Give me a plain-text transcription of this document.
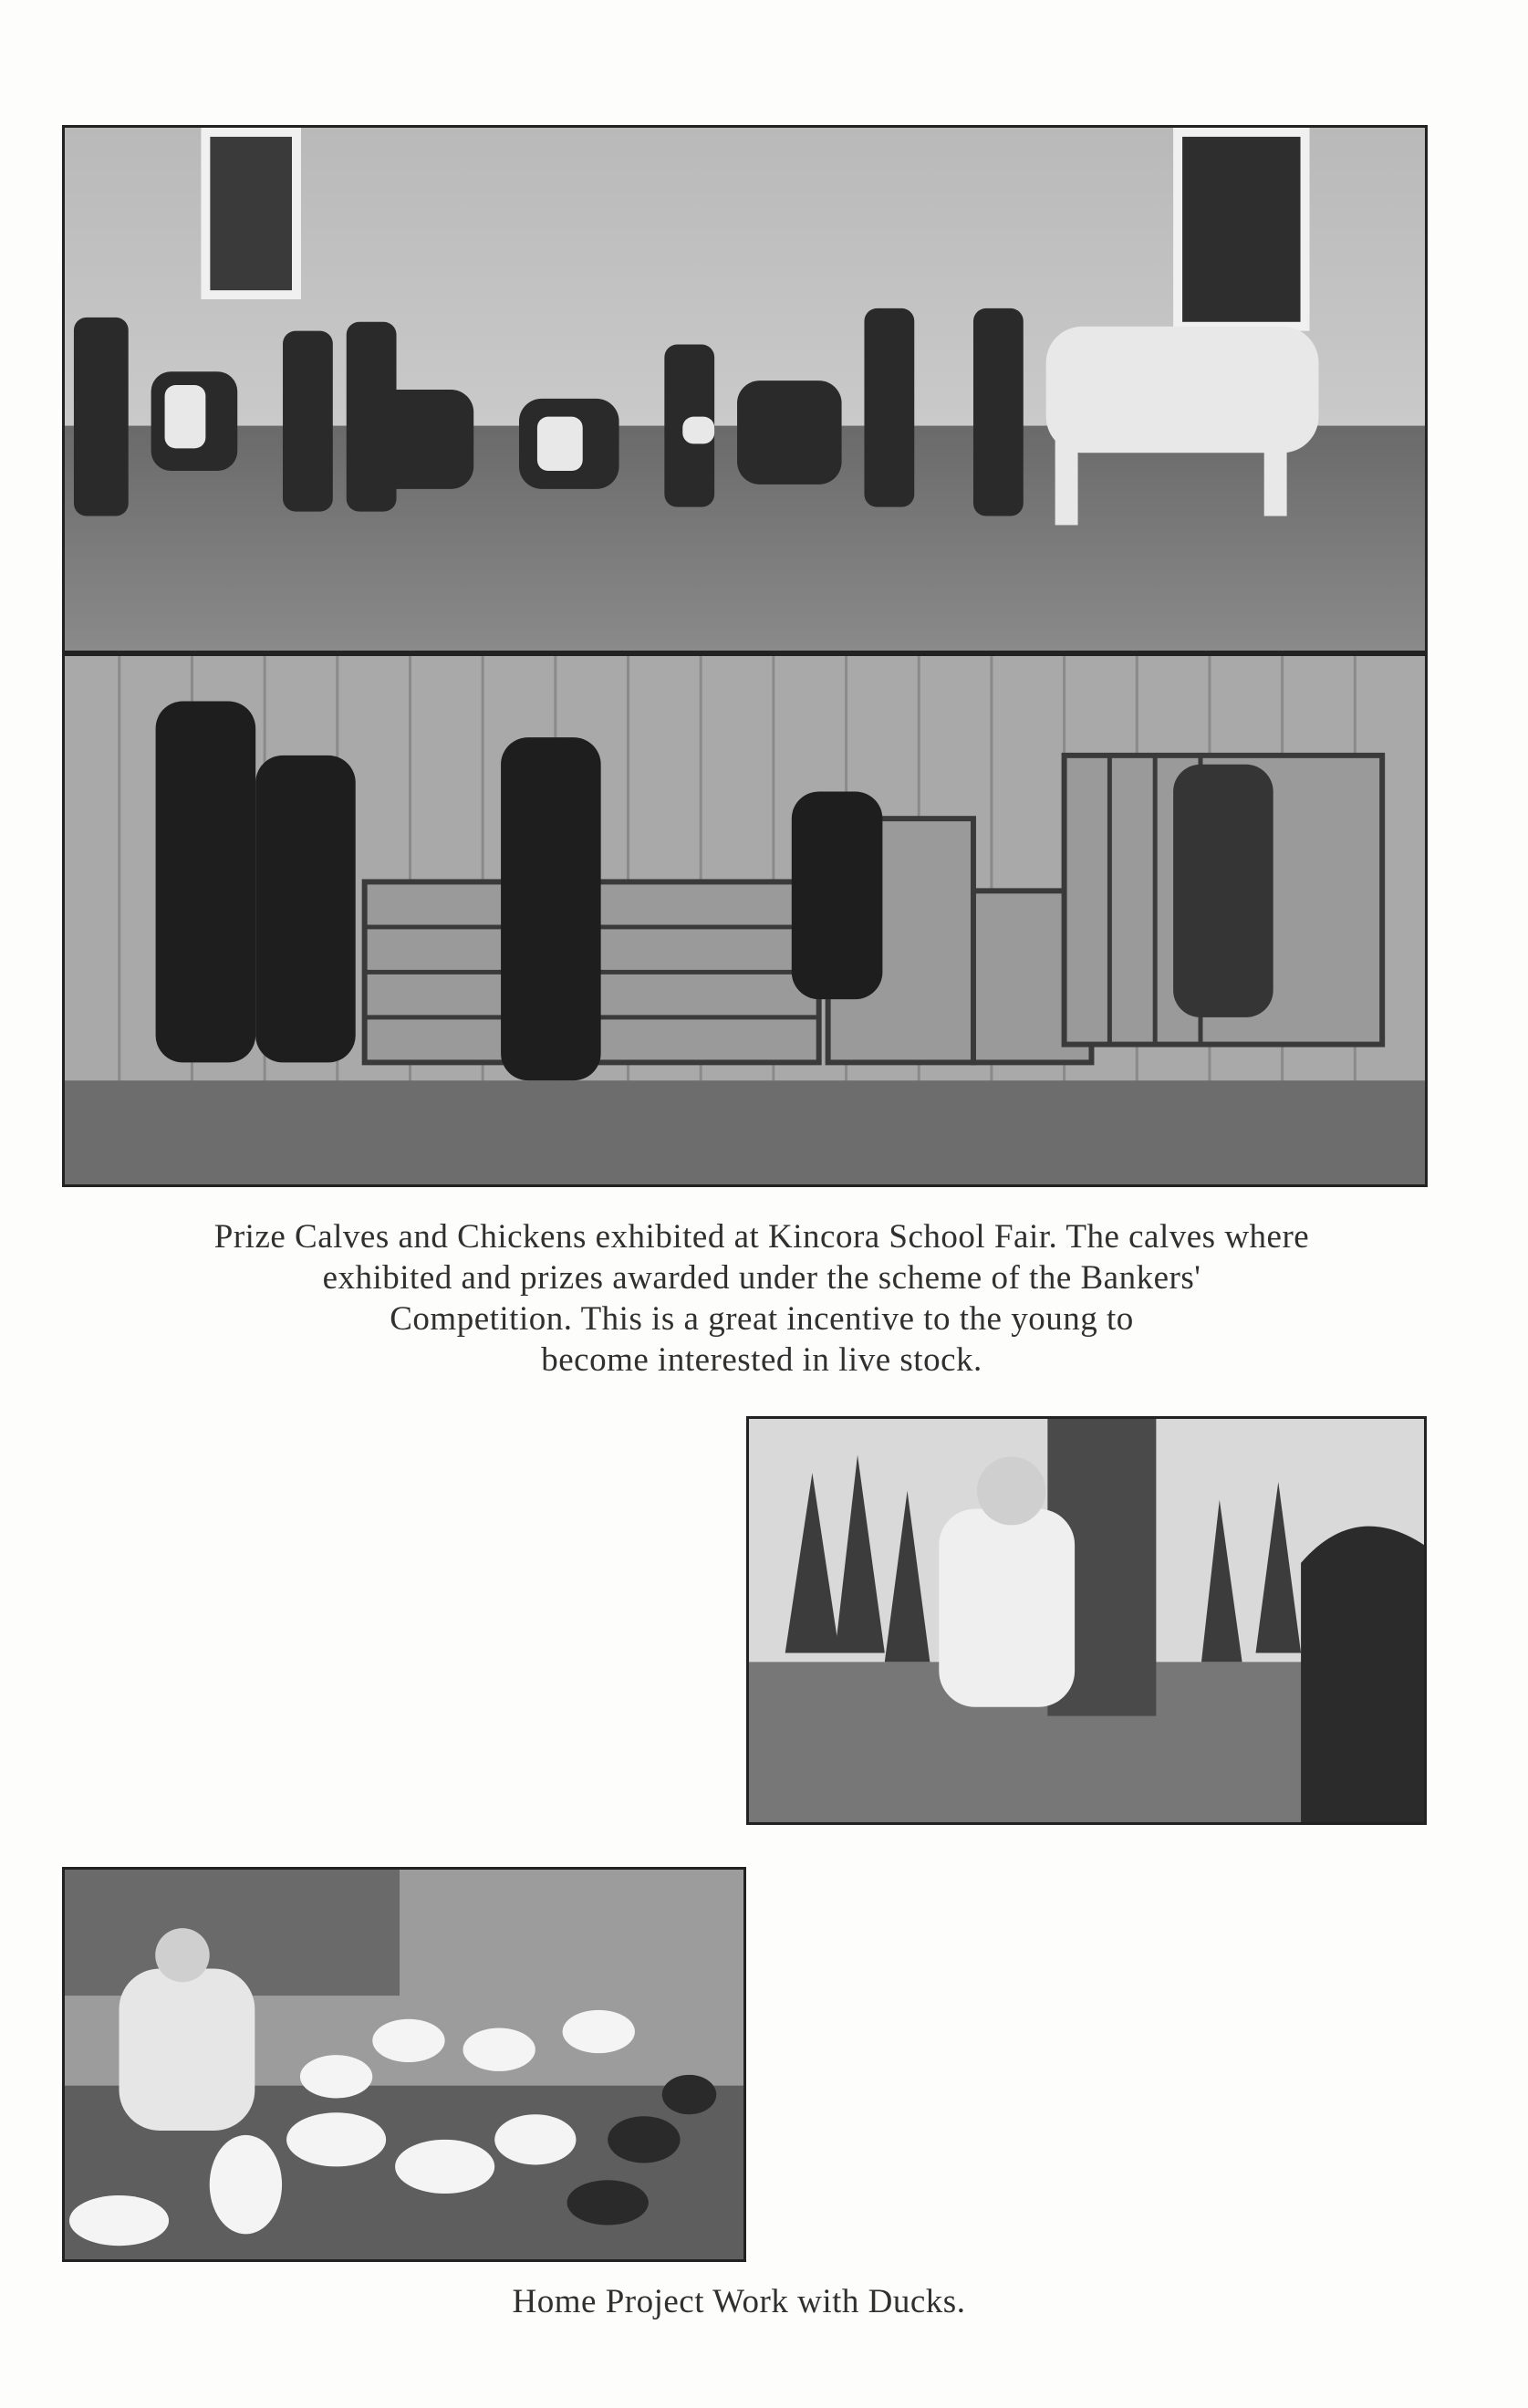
Prize Calves and Chickens exhibited at Kincora School Fair. The calves where
exhibited and prizes awarded under the scheme of the Bankers'
Competition. This is a great incentive to the young to
become interested in live stock.
Home Project Work with Ducks.
